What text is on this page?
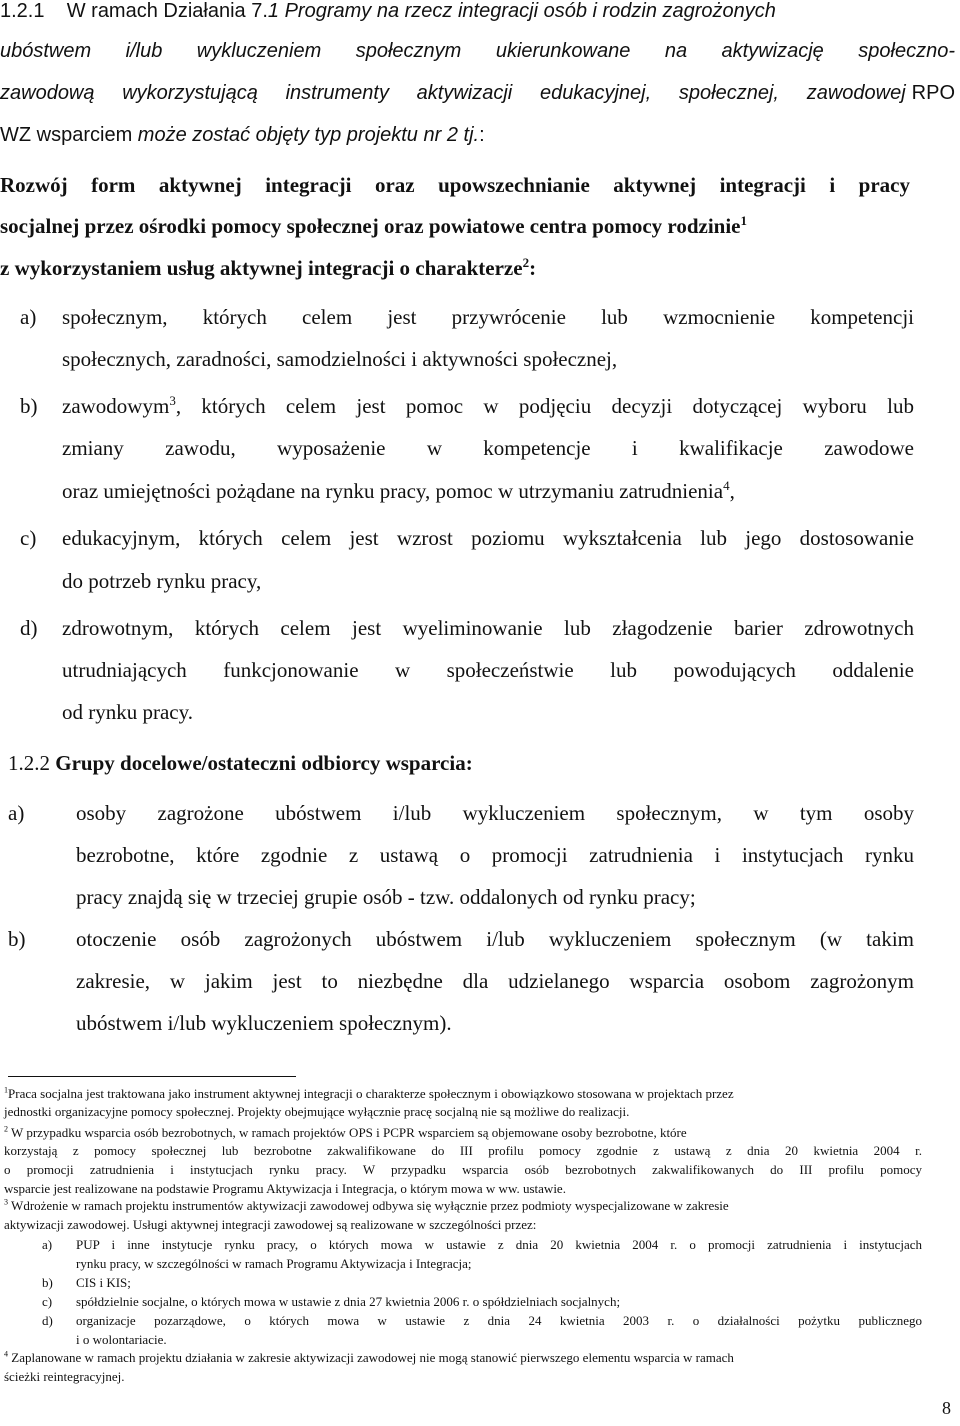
1.2.1 W ramach Działania 7.1 Programy na rzecz integracji osób i rodzin zagrożonych
ubóstwem i/lub wykluczeniem społecznym ukierunkowane na aktywizację społeczno-
zawodową wykorzystującą instrumenty aktywizacji edukacyjnej, społecznej, zawodowej RPO
WZ wsparciem może zostać objęty typ projektu nr 2 tj.:
Rozwój form aktywnej integracji oraz upowszechnianie aktywnej integracji i pracy
socjalnej przez ośrodki pomocy społecznej oraz powiatowe centra pomocy rodzinie$^1$
z wykorzystaniem usług aktywnej integracji o charakterze$^2$:
a) społecznym, których celem jest przywrócenie lub wzmocnienie kompetencji
społecznych, zaradności, samodzielności i aktywności społecznej,
b) zawodowym$^3$, których celem jest pomoc w podjęciu decyzji dotyczącej wyboru lub
zmiany zawodu, wyposażenie w kompetencje i kwalifikacje zawodowe
oraz umiejętności pożądane na rynku pracy, pomoc w utrzymaniu zatrudnienia$^4$,
c) edukacyjnym, których celem jest wzrost poziomu wykształcenia lub jego dostosowanie
do potrzeb rynku pracy,
d) zdrowotnym, których celem jest wyeliminowanie lub złagodzenie barier zdrowotnych
utrudniających funkcjonowanie w społeczeństwie lub powodujących oddalenie
od rynku pracy.
1.2.2 Grupy docelowe/ostateczni odbiorcy wsparcia:
a) osoby zagrożone ubóstwem i/lub wykluczeniem społecznym, w tym osoby
bezrobotne, które zgodnie z ustawą o promocji zatrudnienia i instytucjach rynku
pracy znajdą się w trzeciej grupie osób - tzw. oddalonych od rynku pracy;
b) otoczenie osób zagrożonych ubóstwem i/lub wykluczeniem społecznym (w takim
zakresie, w jakim jest to niezbędne dla udzielanego wsparcia osobom zagrożonym
ubóstwem i/lub wykluczeniem społecznym).
$^1$Praca socjalna jest traktowana jako instrument aktywnej integracji o charakterze społecznym i obowiązkowo stosowana w projektach przez
jednostki organizacyjne pomocy społecznej. Projekty obejmujące wyłącznie pracę socjalną nie są możliwe do realizacji.
$^2$ W przypadku wsparcia osób bezrobotnych, w ramach projektów OPS i PCPR wsparciem są objemowane osoby bezrobotne, które
korzystają z pomocy społecznej lub bezrobotne zakwalifikowane do III profilu pomocy zgodnie z ustawą z dnia 20 kwietnia 2004 r.
o promocji zatrudnienia i instytucjach rynku pracy. W przypadku wsparcia osób bezrobotnych zakwalifikowanych do III profilu pomocy
wsparcie jest realizowane na podstawie Programu Aktywizacja i Integracja, o którym mowa w ww. ustawie.
$^3$ Wdrożenie w ramach projektu instrumentów aktywizacji zawodowej odbywa się wyłącznie przez podmioty wyspecjalizowane w zakresie
aktywizacji zawodowej. Usługi aktywnej integracji zawodowej są realizowane w szczególności przez:
a) PUP i inne instytucje rynku pracy, o których mowa w ustawie z dnia 20 kwietnia 2004 r. o promocji zatrudnienia i instytucjach
rynku pracy, w szczególności w ramach Programu Aktywizacja i Integracja;
b) CIS i KIS;
c) spółdzielnie socjalne, o których mowa w ustawie z dnia 27 kwietnia 2006 r. o spółdzielniach socjalnych;
d) organizacje pozarządowe, o których mowa w ustawie z dnia 24 kwietnia 2003 r. o działalności pożytku publicznego
i o wolontariacie.
$^4$ Zaplanowane w ramach projektu działania w zakresie aktywizacji zawodowej nie mogą stanowić pierwszego elementu wsparcia w ramach
ścieżki reintegracyjnej.
8
